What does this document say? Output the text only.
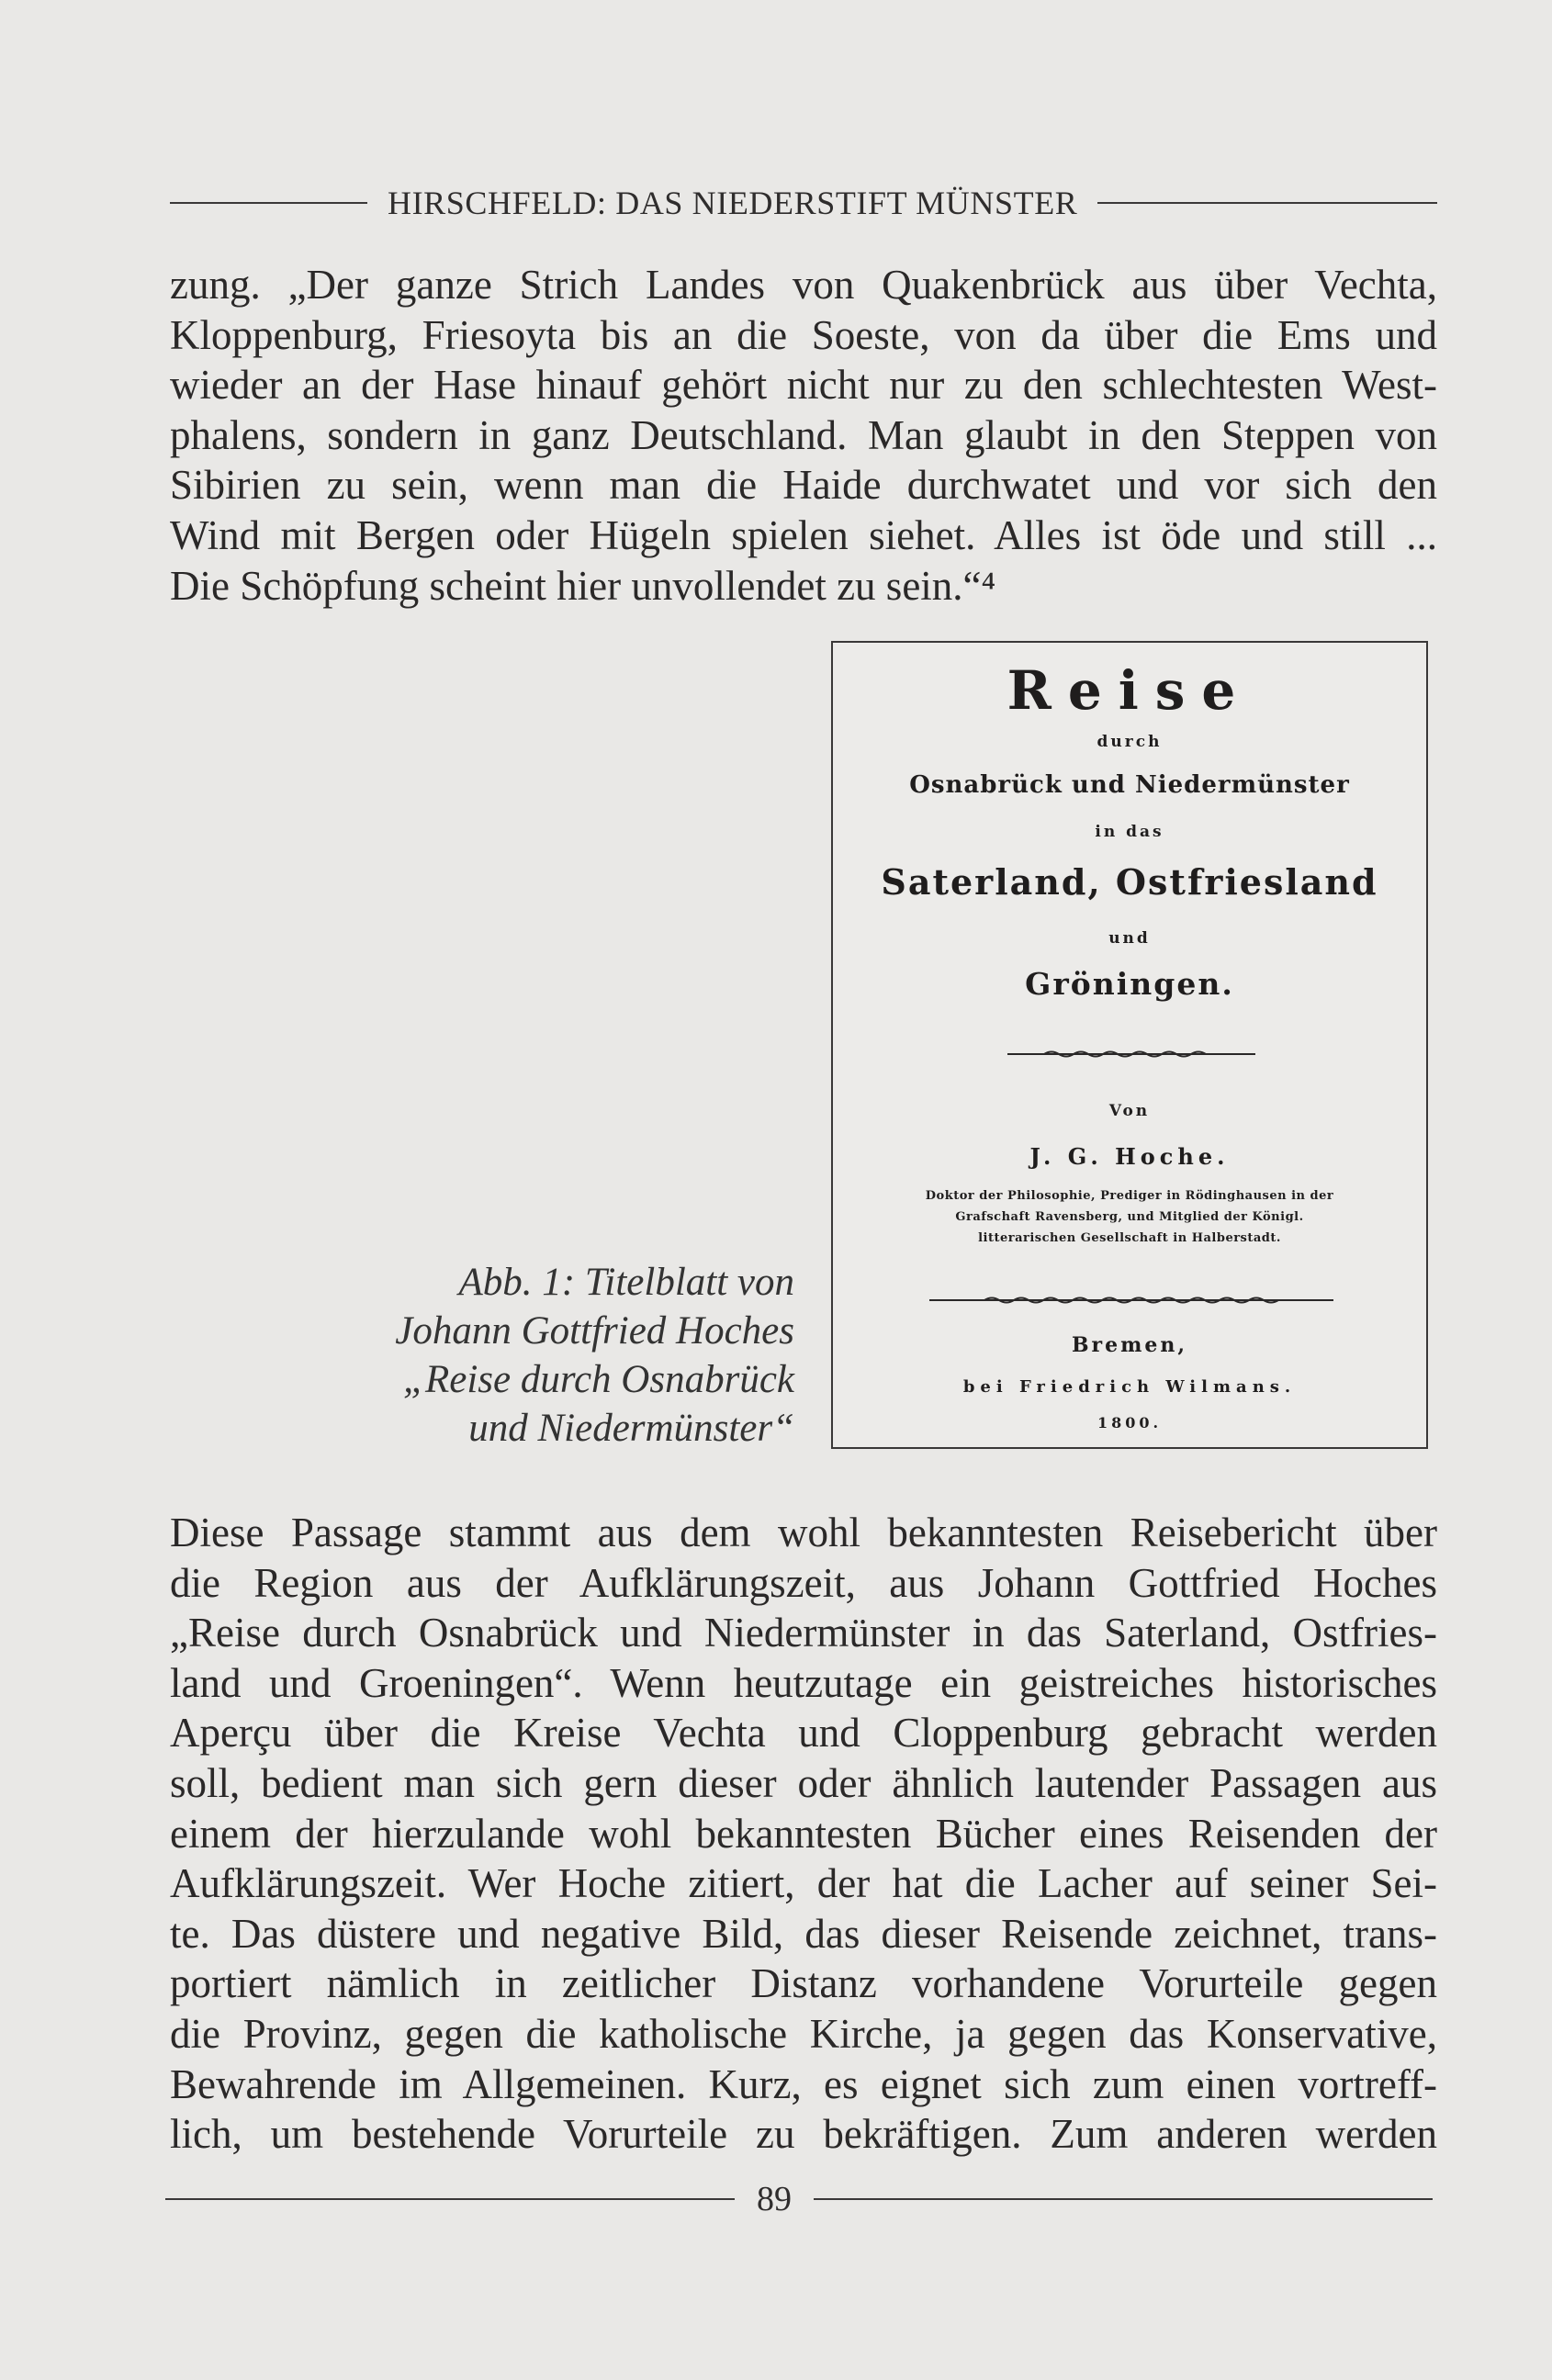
HIRSCHFELD: DAS NIEDERSTIFT MÜNSTER
zung. „Der ganze Strich Landes von Quakenbrück aus über Vechta,
Kloppenburg, Friesoyta bis an die Soeste, von da über die Ems und
wieder an der Hase hinauf gehört nicht nur zu den schlechtesten West-
phalens, sondern in ganz Deutschland. Man glaubt in den Steppen von
Sibirien zu sein, wenn man die Haide durchwatet und vor sich den
Wind mit Bergen oder Hügeln spielen siehet. Alles ist öde und still ...
Die Schöpfung scheint hier unvollendet zu sein.“⁴
Abb. 1: Titelblatt von
Johann Gottfried Hoches
„Reise durch Osnabrück
und Niedermünster“
Reise
durch
Osnabrück und Niedermünster
in das
Saterland, Ostfriesland
und
Gröningen.
Von
J. G. Hoche.
Doktor der Philosophie, Prediger in Rödinghausen in der
Grafschaft Ravensberg, und Mitglied der Königl.
litterarischen Gesellschaft in Halberstadt.
Bremen,
bei Friedrich Wilmans.
1800.
Diese Passage stammt aus dem wohl bekanntesten Reisebericht über
die Region aus der Aufklärungszeit, aus Johann Gottfried Hoches
„Reise durch Osnabrück und Niedermünster in das Saterland, Ostfries-
land und Groeningen“. Wenn heutzutage ein geistreiches historisches
Aperçu über die Kreise Vechta und Cloppenburg gebracht werden
soll, bedient man sich gern dieser oder ähnlich lautender Passagen aus
einem der hierzulande wohl bekanntesten Bücher eines Reisenden der
Aufklärungszeit. Wer Hoche zitiert, der hat die Lacher auf seiner Sei-
te. Das düstere und negative Bild, das dieser Reisende zeichnet, trans-
portiert nämlich in zeitlicher Distanz vorhandene Vorurteile gegen
die Provinz, gegen die katholische Kirche, ja gegen das Konservative,
Bewahrende im Allgemeinen. Kurz, es eignet sich zum einen vortreff-
lich, um bestehende Vorurteile zu bekräftigen. Zum anderen werden
89
